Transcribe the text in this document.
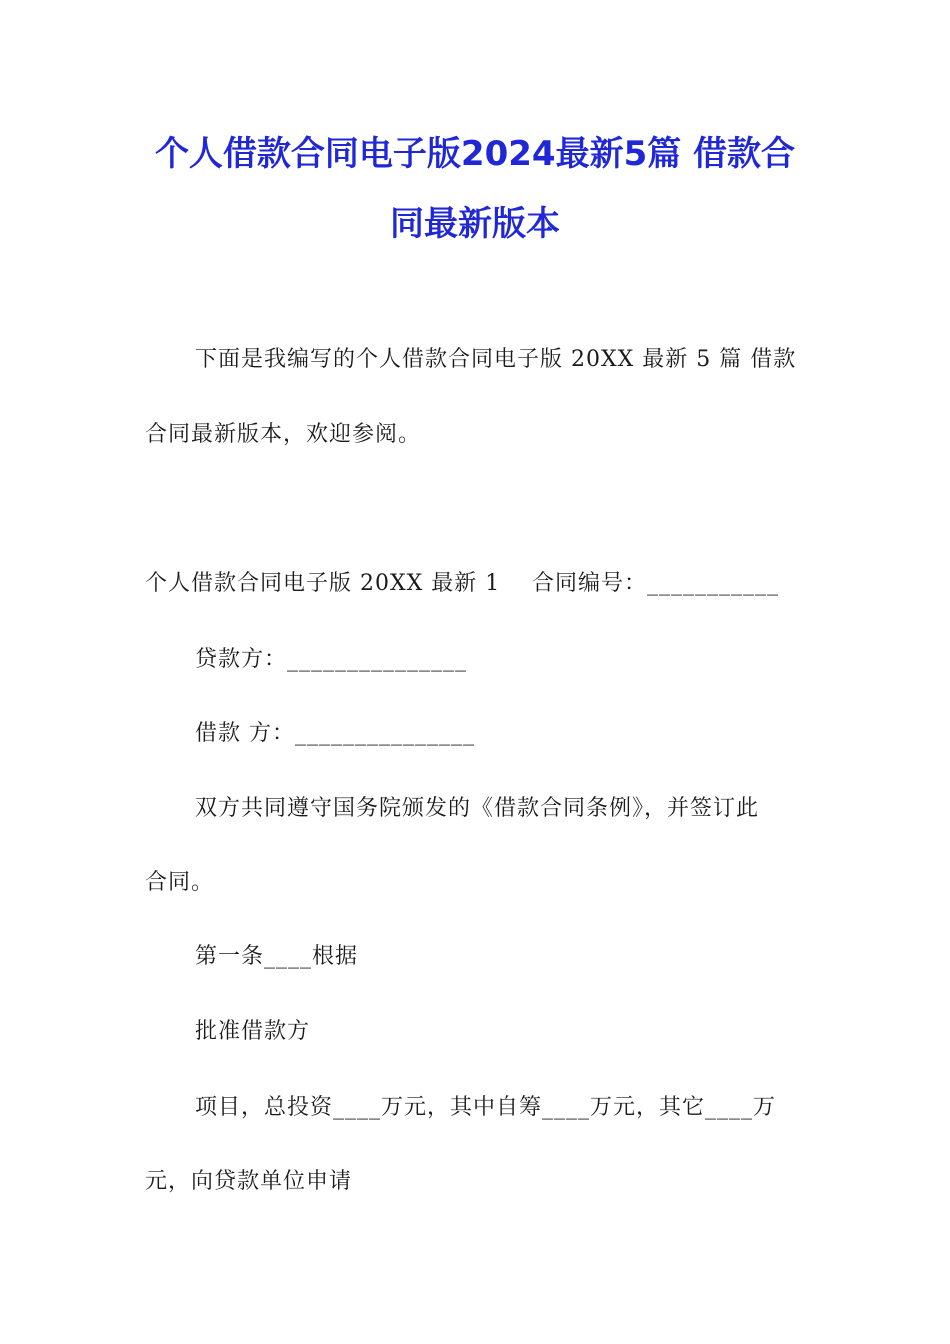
个人借款合同电子版2024最新5篇 借款合
同最新版本
下面是我编写的个人借款合同电子版 20XX 最新 5 篇 借款
合同最新版本，欢迎参阅。
个人借款合同电子版 20XX 最新 1 合同编号：___________
贷款方：_______________
借款 方：_______________
双方共同遵守国务院颁发的《借款合同条例》，并签订此
合同。
第一条____根据
批准借款方
项目，总投资____万元，其中自筹____万元，其它____万
元，向贷款单位申请
